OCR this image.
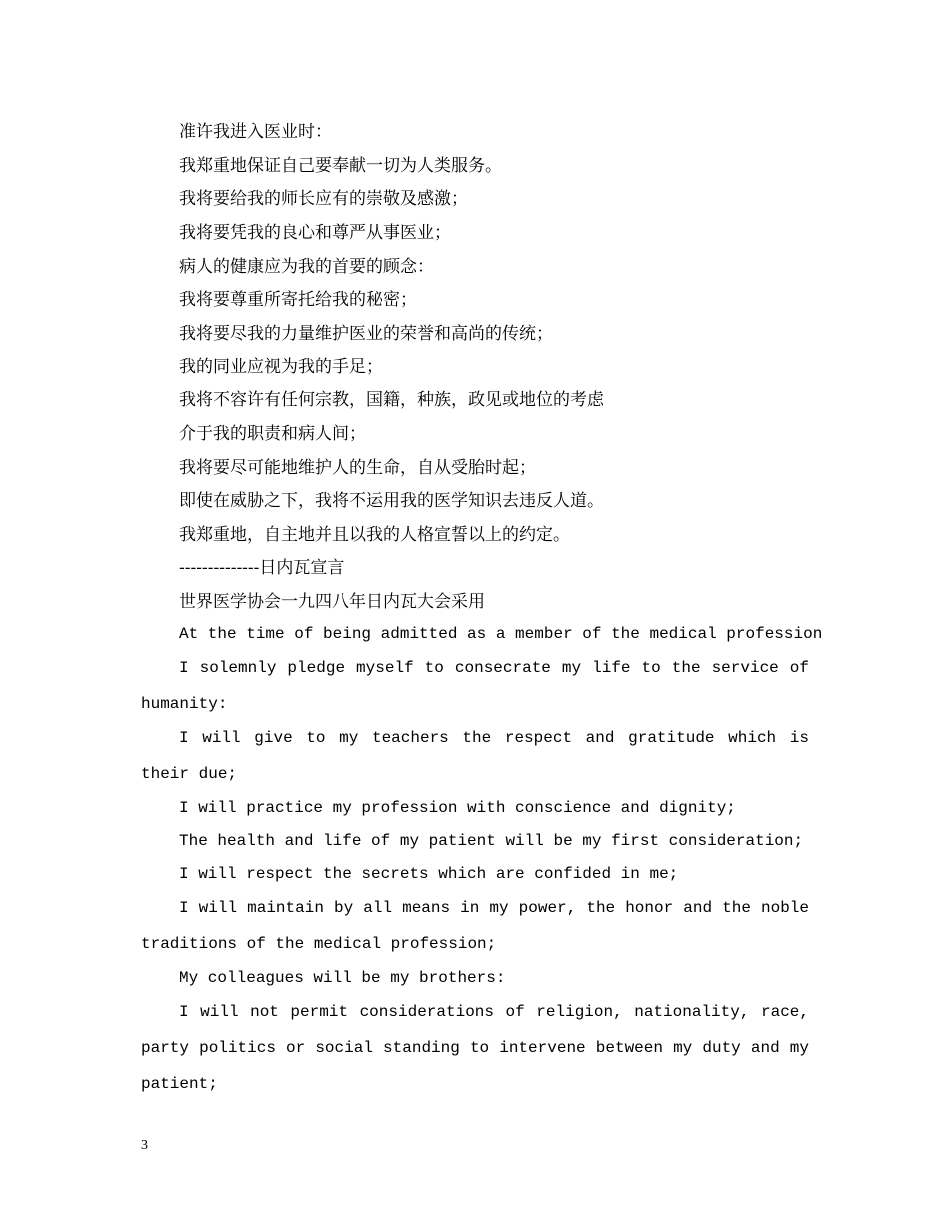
准许我进入医业时：
我郑重地保证自己要奉献一切为人类服务。
我将要给我的师长应有的崇敬及感激；
我将要凭我的良心和尊严从事医业；
病人的健康应为我的首要的顾念：
我将要尊重所寄托给我的秘密；
我将要尽我的力量维护医业的荣誉和高尚的传统；
我的同业应视为我的手足；
我将不容许有任何宗教，国籍，种族，政见或地位的考虑
介于我的职责和病人间；
我将要尽可能地维护人的生命，自从受胎时起；
即使在威胁之下，我将不运用我的医学知识去违反人道。
我郑重地，自主地并且以我的人格宣誓以上的约定。
--------------日内瓦宣言
世界医学协会一九四八年日内瓦大会采用
At the time of being admitted as a member of the medical profession
I solemnly pledge myself to consecrate my life to the service of humanity:
I will give to my teachers the respect and gratitude which is their due;
I will practice my profession with conscience and dignity;
The health and life of my patient will be my first consideration;
I will respect the secrets which are confided in me;
I will maintain by all means in my power, the honor and the noble traditions of the medical profession;
My colleagues will be my brothers:
I will not permit considerations of religion, nationality, race, party politics or social standing to intervene between my duty and my patient;
3
